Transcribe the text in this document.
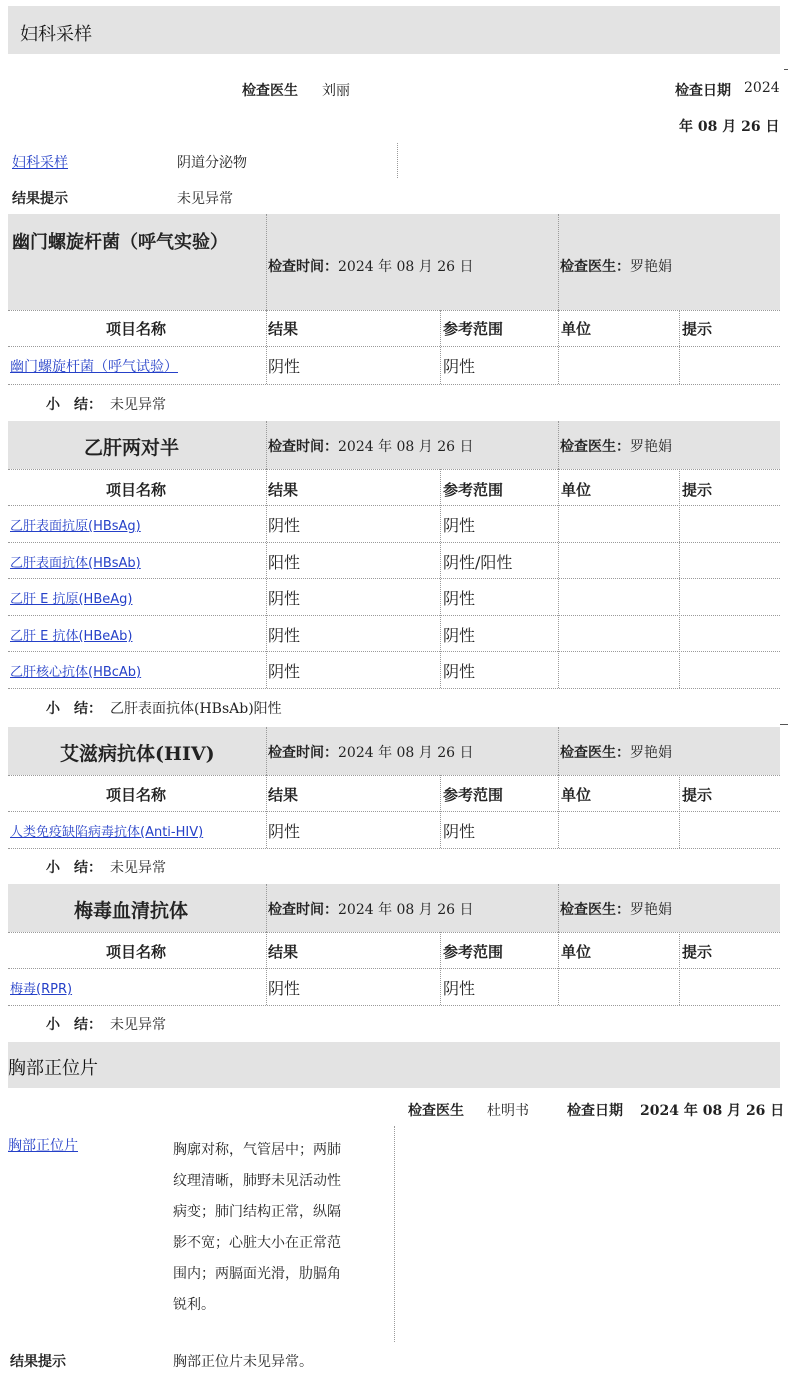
妇科采样
检查医生 刘丽	检查日期 2024
年 08 月 26 日
妇科采样	阴道分泌物
结果提示	未见异常
幽门螺旋杆菌（呼气实验）
检查时间：2024 年 08 月 26 日	检查医生：罗艳娟
项目名称	结果	参考范围	单位	提示
幽门螺旋杆菌（呼气试验）	阴性	阴性
小　结： 未见异常
乙肝两对半	检查时间：2024 年 08 月 26 日	检查医生：罗艳娟
项目名称	结果	参考范围	单位	提示
乙肝表面抗原(HBsAg)	阴性	阴性
乙肝表面抗体(HBsAb)	阳性	阴性/阳性
乙肝 E 抗原(HBeAg)	阴性	阴性
乙肝 E 抗体(HBeAb)	阴性	阴性
乙肝核心抗体(HBcAb)	阴性	阴性
小　结： 乙肝表面抗体(HBsAb)阳性
艾滋病抗体(HIV)	检查时间：2024 年 08 月 26 日	检查医生：罗艳娟
项目名称	结果	参考范围	单位	提示
人类免疫缺陷病毒抗体(Anti-HIV)	阴性	阴性
小　结： 未见异常
梅毒血清抗体	检查时间：2024 年 08 月 26 日	检查医生：罗艳娟
项目名称	结果	参考范围	单位	提示
梅毒(RPR)	阴性	阴性
小　结： 未见异常
胸部正位片
检查医生 杜明书	检查日期 2024 年 08 月 26 日
胸部正位片	胸廓对称，气管居中；两肺
纹理清晰，肺野未见活动性
病变；肺门结构正常，纵隔
影不宽；心脏大小在正常范
围内；两膈面光滑，肋膈角
锐利。
结果提示	胸部正位片未见异常。
